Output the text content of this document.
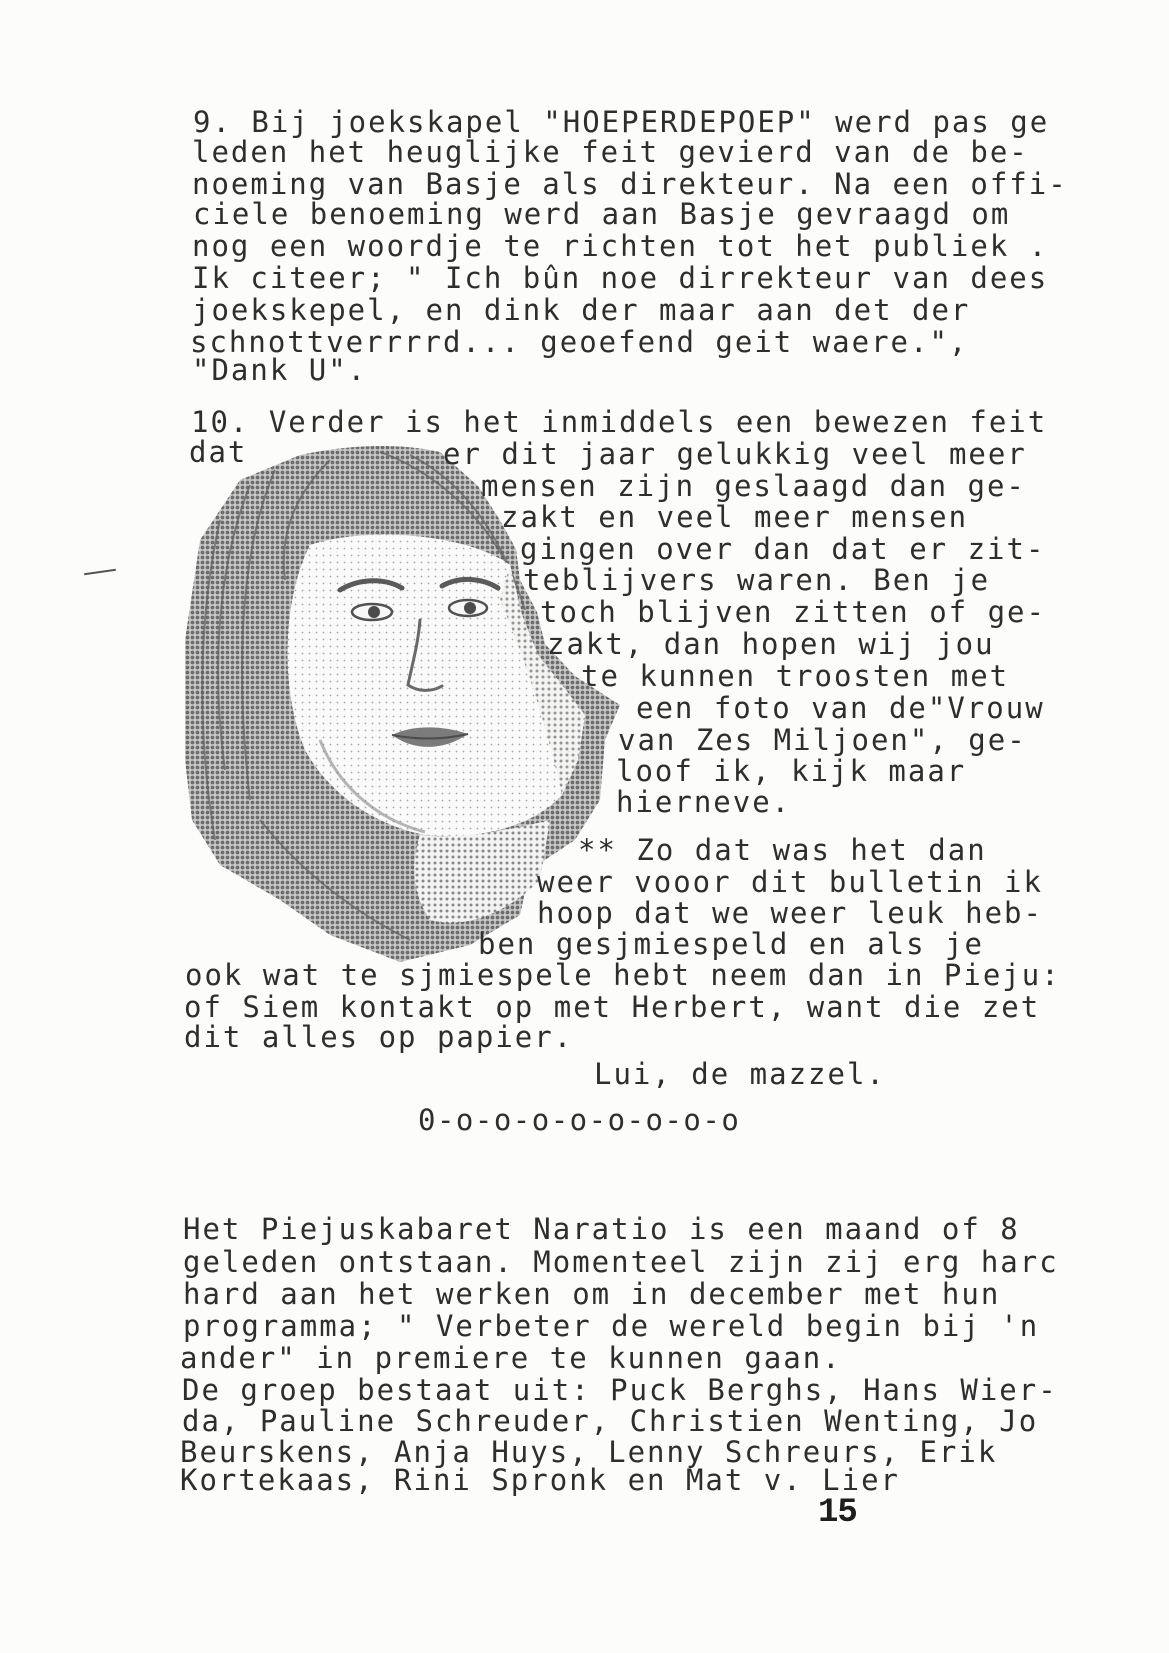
9. Bij joekskapel "HOEPERDEPOEP" werd pas ge
leden het heuglijke feit gevierd van de be-
noeming van Basje als direkteur. Na een offi-
ciele benoeming werd aan Basje gevraagd om
nog een woordje te richten tot het publiek .
Ik citeer; " Ich bûn noe dirrekteur van dees
joekskepel, en dink der maar aan det der
schnottverrrrd... geoefend geit waere.",
"Dank U".
10. Verder is het inmiddels een bewezen feit
dat	er dit jaar gelukkig veel meer
mensen zijn geslaagd dan ge-
zakt en veel meer mensen
gingen over dan dat er zit-
teblijvers waren. Ben je
toch blijven zitten of ge-
zakt, dan hopen wij jou
te kunnen troosten met
een foto van de"Vrouw
van Zes Miljoen", ge-
loof ik, kijk maar
hierneve.
** Zo dat was het dan
weer vooor dit bulletin ik
hoop dat we weer leuk heb-
ben gesjmiespeld en als je
ook wat te sjmiespele hebt neem dan in Pieju:
of Siem kontakt op met Herbert, want die zet
dit alles op papier.
Lui, de mazzel.
0-o-o-o-o-o-o-o-o
Het Piejuskabaret Naratio is een maand of 8
geleden ontstaan. Momenteel zijn zij erg harc
hard aan het werken om in december met hun
programma; " Verbeter de wereld begin bij 'n
ander" in premiere te kunnen gaan.
De groep bestaat uit: Puck Berghs, Hans Wier-
da, Pauline Schreuder, Christien Wenting, Jo
Beurskens, Anja Huys, Lenny Schreurs, Erik
Kortekaas, Rini Spronk en Mat v. Lier
15
